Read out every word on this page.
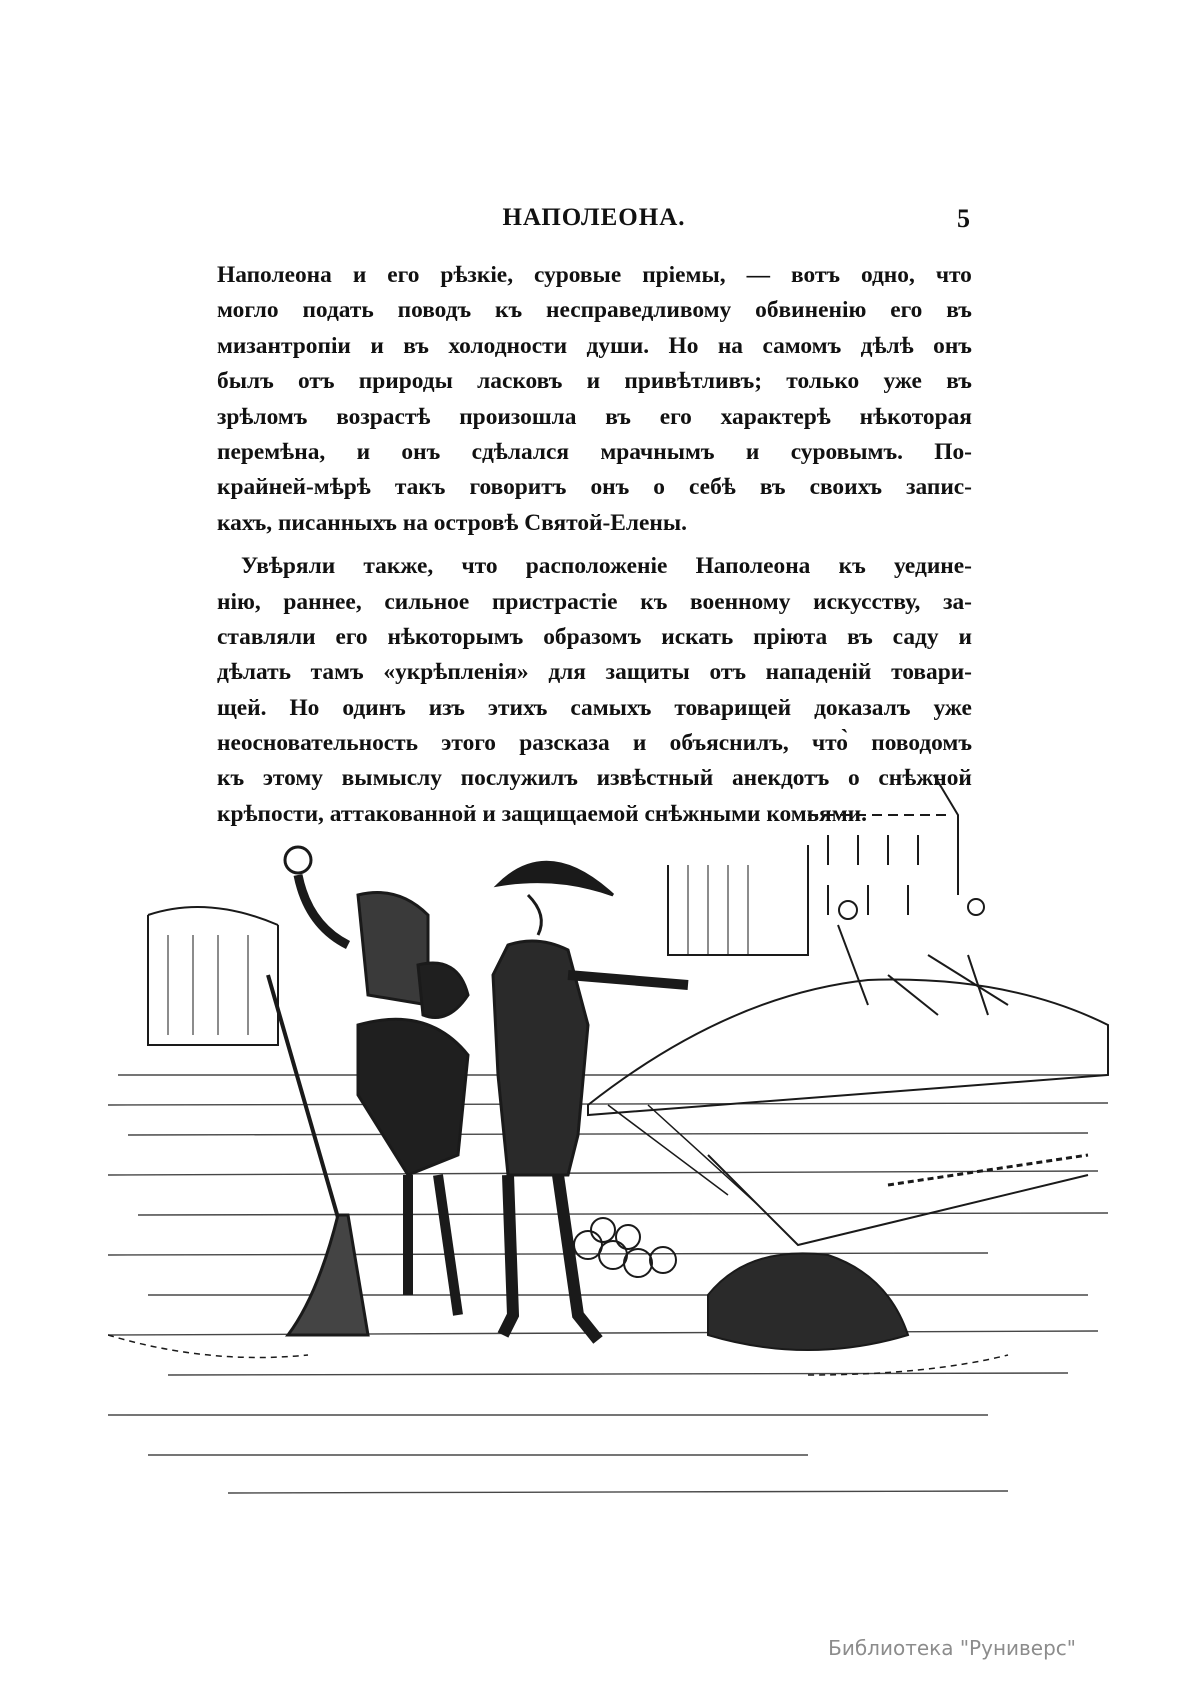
НАПОЛЕОНА.	5
Наполеона и его рѣзкіе, суровые пріемы, — вотъ одно, что
могло подать поводъ къ несправедливому обвиненію его въ
мизантропіи и въ холодности души. Но на самомъ дѣлѣ онъ
былъ отъ природы ласковъ и привѣтливъ; только уже въ
зрѣломъ возрастѣ произошла въ его характерѣ нѣкоторая
перемѣна, и онъ сдѣлался мрачнымъ и суровымъ. По-
крайней-мѣрѣ такъ говоритъ онъ о себѣ въ своихъ запис-
кахъ, писанныхъ на островѣ Святой-Елены.
Увѣряли также, что расположеніе Наполеона къ уедине-
нію, раннее, сильное пристрастіе къ военному искусству, за-
ставляли его нѣкоторымъ образомъ искать пріюта въ саду и
дѣлать тамъ «укрѣпленія» для защиты отъ нападеній товари-
щей. Но одинъ изъ этихъ самыхъ товарищей доказалъ уже
неосновательность этого разсказа и объяснилъ, что̀ поводомъ
къ этому вымыслу послужилъ извѣстный анекдотъ о снѣжной
крѣпости, аттакованной и защищаемой снѣжными комьями.
Библиотека "Руниверс"
